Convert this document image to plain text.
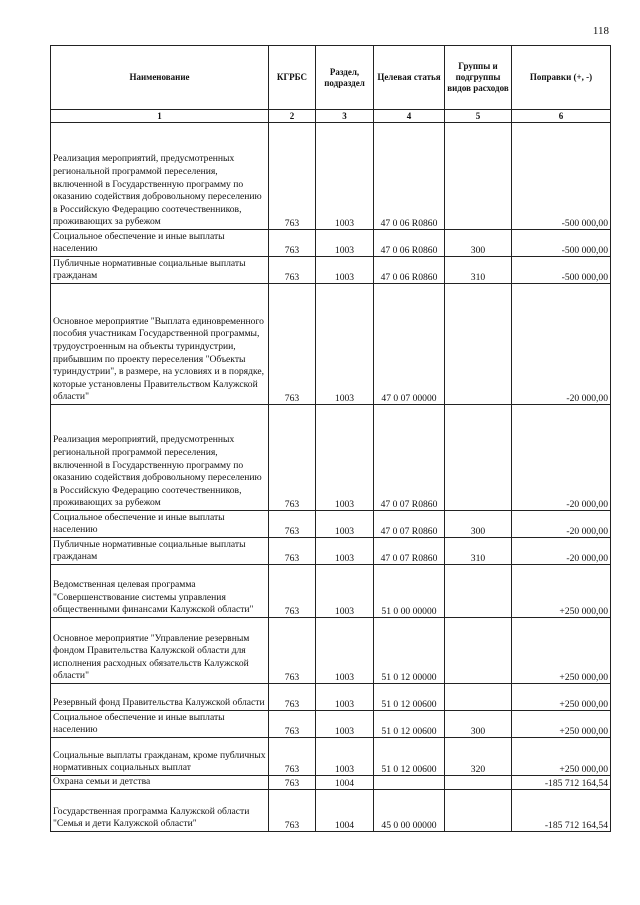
118
Наименование	КГРБС	Раздел, подраздел	Целевая статья	Группы и подгруппы видов расходов	Поправки (+, -)
1	2	3	4	5	6
Реализация мероприятий, предусмотренных региональной программой переселения, включенной в Государственную программу по оказанию содействия добровольному переселению в Российскую Федерацию соотечественников, проживающих за рубежом	763	1003	47 0 06 R0860		-500 000,00
Социальное обеспечение и иные выплаты населению	763	1003	47 0 06 R0860	300	-500 000,00
Публичные нормативные социальные выплаты гражданам	763	1003	47 0 06 R0860	310	-500 000,00
Основное мероприятие "Выплата единовременного пособия участникам Государственной программы, трудоустроенным на объекты туриндустрии, прибывшим по проекту переселения "Объекты туриндустрии", в размере, на условиях и в порядке, которые установлены Правительством Калужской области"	763	1003	47 0 07 00000		-20 000,00
Реализация мероприятий, предусмотренных региональной программой переселения, включенной в Государственную программу по оказанию содействия добровольному переселению в Российскую Федерацию соотечественников, проживающих за рубежом	763	1003	47 0 07 R0860		-20 000,00
Социальное обеспечение и иные выплаты населению	763	1003	47 0 07 R0860	300	-20 000,00
Публичные нормативные социальные выплаты гражданам	763	1003	47 0 07 R0860	310	-20 000,00
Ведомственная целевая программа "Совершенствование системы управления общественными финансами Калужской области"	763	1003	51 0 00 00000		+250 000,00
Основное мероприятие "Управление резервным фондом Правительства Калужской области для исполнения расходных обязательств Калужской области"	763	1003	51 0 12 00000		+250 000,00
Резервный фонд Правительства Калужской области	763	1003	51 0 12 00600		+250 000,00
Социальное обеспечение и иные выплаты населению	763	1003	51 0 12 00600	300	+250 000,00
Социальные выплаты гражданам, кроме публичных нормативных социальных выплат	763	1003	51 0 12 00600	320	+250 000,00
Охрана семьи и детства	763	1004			-185 712 164,54
Государственная программа Калужской области "Семья и дети Калужской области"	763	1004	45 0 00 00000		-185 712 164,54
